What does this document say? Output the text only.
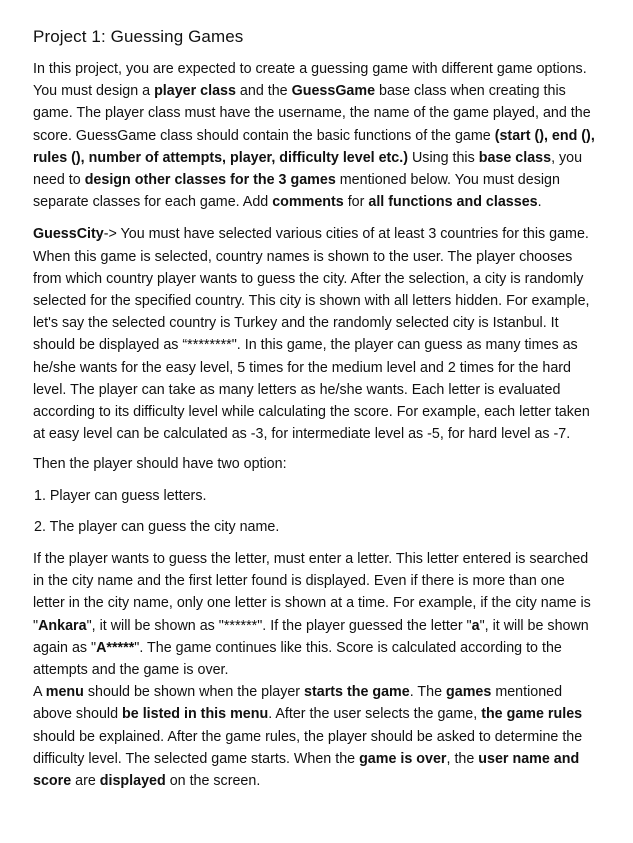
Project 1: Guessing Games

In this project, you are expected to create a guessing game with different game options. You must design a player class and the GuessGame base class when creating this game. The player class must have the username, the name of the game played, and the score. GuessGame class should contain the basic functions of the game (start (), end (), rules (), number of attempts, player, difficulty level etc.) Using this base class, you need to design other classes for the 3 games mentioned below. You must design separate classes for each game. Add comments for all functions and classes.

GuessCity-> You must have selected various cities of at least 3 countries for this game. When this game is selected, country names is shown to the user. The player chooses from which country player wants to guess the city. After the selection, a city is randomly selected for the specified country. This city is shown with all letters hidden. For example, let's say the selected country is Turkey and the randomly selected city is Istanbul. It should be displayed as “********". In this game, the player can guess as many times as he/she wants for the easy level, 5 times for the medium level and 2 times for the hard level. The player can take as many letters as he/she wants. Each letter is evaluated according to its difficulty level while calculating the score. For example, each letter taken at easy level can be calculated as -3, for intermediate level as -5, for hard level as -7.

Then the player should have two option:

1. Player can guess letters.

2. The player can guess the city name.

If the player wants to guess the letter, must enter a letter. This letter entered is searched in the city name and the first letter found is displayed. Even if there is more than one letter in the city name, only one letter is shown at a time. For example, if the city name is "Ankara", it will be shown as "******". If the player guessed the letter "a", it will be shown again as "A*****". The game continues like this. Score is calculated according to the attempts and the game is over.

A menu should be shown when the player starts the game. The games mentioned above should be listed in this menu. After the user selects the game, the game rules should be explained. After the game rules, the player should be asked to determine the difficulty level. The selected game starts. When the game is over, the user name and score are displayed on the screen.
